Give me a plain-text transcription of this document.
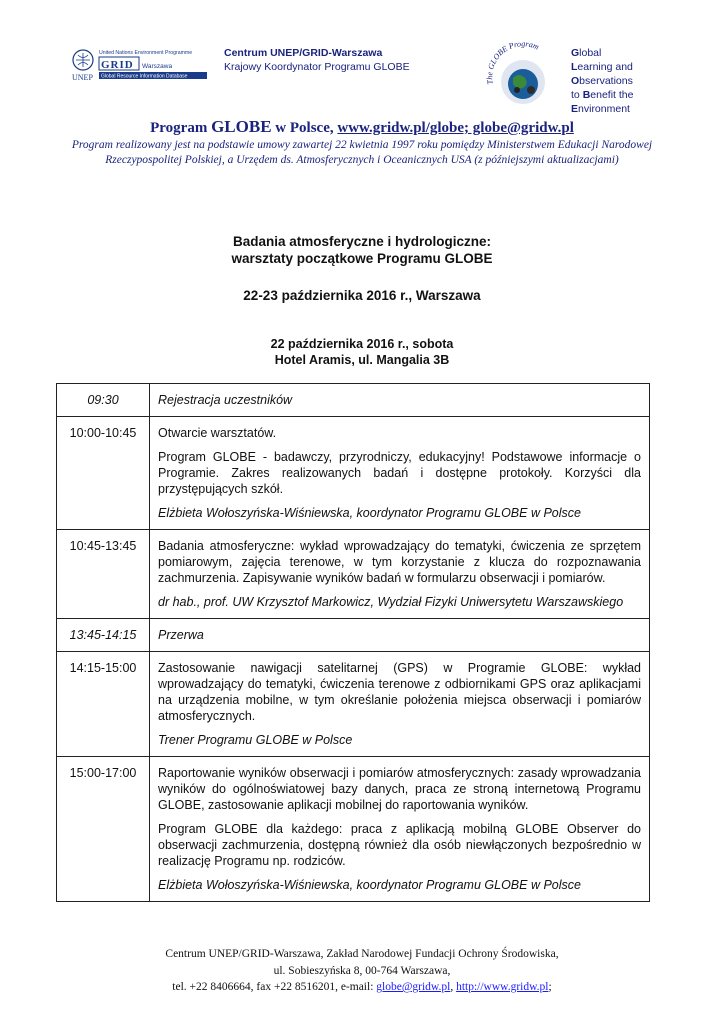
UNEP
United Nations Environment Programme
GRID Warszawa
Global Resource Information Database
Centrum UNEP/GRID-Warszawa
Krajowy Koordynator Programu GLOBE
The GLOBE Program
Global
Learning and
Observations
to Benefit the
Environment
Program GLOBE w Polsce, www.gridw.pl/globe; globe@gridw.pl
Program realizowany jest na podstawie umowy zawartej 22 kwietnia 1997 roku pomiędzy Ministerstwem Edukacji Narodowej Rzeczypospolitej Polskiej, a Urzędem ds. Atmosferycznych i Oceanicznych USA (z późniejszymi aktualizacjami)
Badania atmosferyczne i hydrologiczne:
warsztaty początkowe Programu GLOBE
22-23 października 2016 r., Warszawa
22 października 2016 r., sobota
Hotel Aramis, ul. Mangalia 3B
09:30	Rejestracja uczestników

10:00-10:45	Otwarcie warsztatów.
Program GLOBE - badawczy, przyrodniczy, edukacyjny! Podstawowe informacje o Programie. Zakres realizowanych badań i dostępne protokoły. Korzyści dla przystępujących szkół.
Elżbieta Wołoszyńska-Wiśniewska, koordynator Programu GLOBE w Polsce

10:45-13:45	Badania atmosferyczne: wykład wprowadzający do tematyki, ćwiczenia ze sprzętem pomiarowym, zajęcia terenowe, w tym korzystanie z klucza do rozpoznawania zachmurzenia. Zapisywanie wyników badań w formularzu obserwacji i pomiarów.
dr hab., prof. UW Krzysztof Markowicz, Wydział Fizyki Uniwersytetu Warszawskiego

13:45-14:15	Przerwa

14:15-15:00	Zastosowanie nawigacji satelitarnej (GPS) w Programie GLOBE: wykład wprowadzający do tematyki, ćwiczenia terenowe z odbiornikami GPS oraz aplikacjami na urządzenia mobilne, w tym określanie położenia miejsca obserwacji i pomiarów atmosferycznych.
Trener Programu GLOBE w Polsce

15:00-17:00	Raportowanie wyników obserwacji i pomiarów atmosferycznych: zasady wprowadzania wyników do ogólnoświatowej bazy danych, praca ze stroną internetową Programu GLOBE, zastosowanie aplikacji mobilnej do raportowania wyników.
Program GLOBE dla każdego: praca z aplikacją mobilną GLOBE Observer do obserwacji zachmurzenia, dostępną również dla osób niewłączonych bezpośrednio w realizację Programu np. rodziców.
Elżbieta Wołoszyńska-Wiśniewska, koordynator Programu GLOBE w Polsce
Centrum UNEP/GRID-Warszawa, Zakład Narodowej Fundacji Ochrony Środowiska,
ul. Sobieszyńska 8, 00-764 Warszawa,
tel. +22 8406664, fax +22 8516201, e-mail: globe@gridw.pl, http://www.gridw.pl;
